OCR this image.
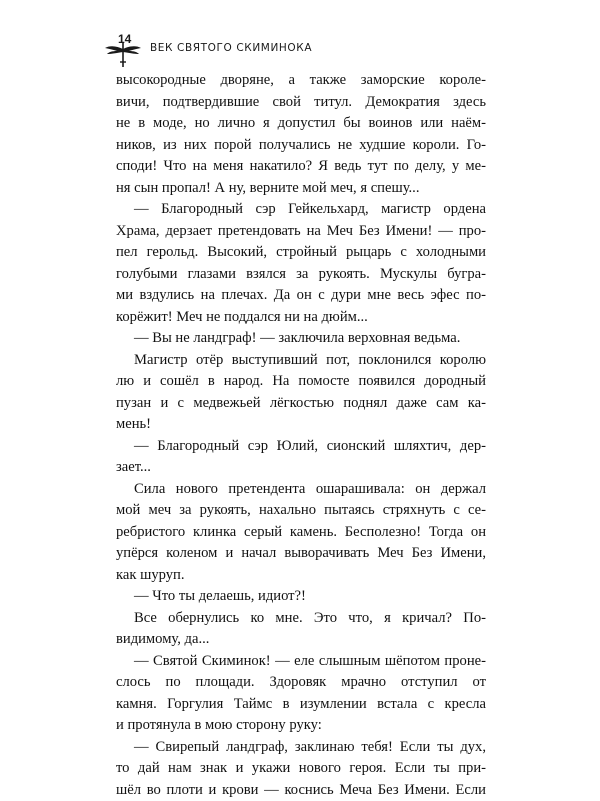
14
ВЕК СВЯТОГО СКИМИНОКА
высокородные дворяне, а также заморские короле-
вичи, подтвердившие свой титул. Демократия здесь
не в моде, но лично я допустил бы воинов или наём-
ников, из них порой получались не худшие короли. Го-
споди! Что на меня накатило? Я ведь тут по делу, у ме-
ня сын пропал! А ну, верните мой меч, я спешу...
— Благородный сэр Гейкельхард, магистр ордена
Храма, дерзает претендовать на Меч Без Имени! — про-
пел герольд. Высокий, стройный рыцарь с холодными
голубыми глазами взялся за рукоять. Мускулы бугра-
ми вздулись на плечах. Да он с дури мне весь эфес по-
корёжит! Меч не поддался ни на дюйм...
— Вы не ландграф! — заключила верховная ведьма.
Магистр отёр выступивший пот, поклонился королю
лю и сошёл в народ. На помосте появился дородный
пузан и с медвежьей лёгкостью поднял даже сам ка-
мень!
— Благородный сэр Юлий, сионский шляхтич, дер-
зает...
Сила нового претендента ошарашивала: он держал
мой меч за рукоять, нахально пытаясь стряхнуть с се-
ребристого клинка серый камень. Бесполезно! Тогда он
упёрся коленом и начал выворачивать Меч Без Имени,
как шуруп.
— Что ты делаешь, идиот?!
Все обернулись ко мне. Это что, я кричал? По-
видимому, да...
— Святой Скиминок! — еле слышным шёпотом проне-
слось по площади. Здоровяк мрачно отступил от
камня. Горгулия Таймс в изумлении встала с кресла
и протянула в мою сторону руку:
— Свирепый ландграф, заклинаю тебя! Если ты дух,
то дай нам знак и укажи нового героя. Если ты при-
шёл во плоти и крови — коснись Меча Без Имени. Если
